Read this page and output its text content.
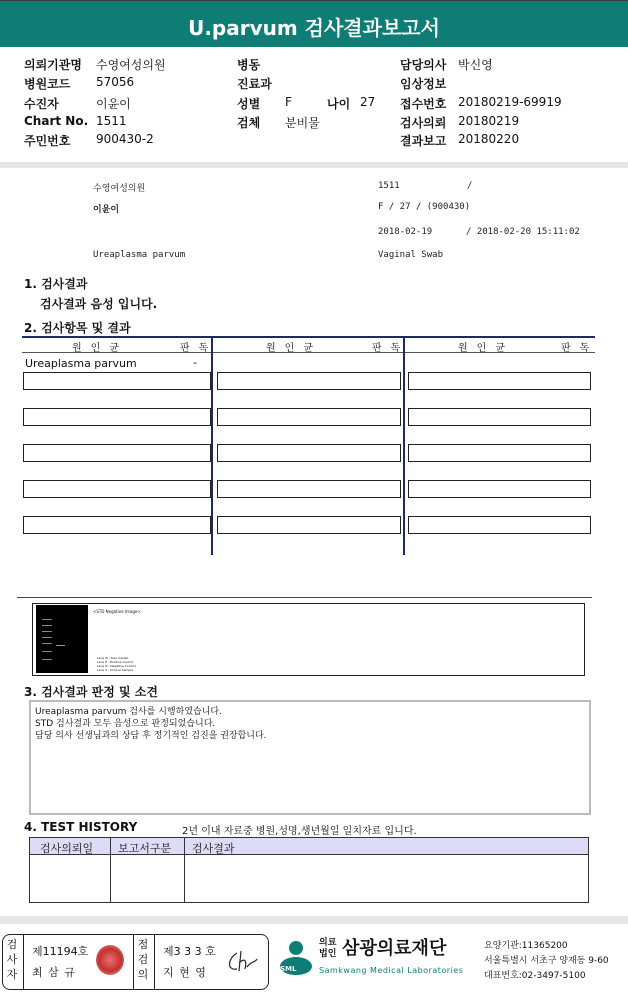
U.parvum 검사결과보고서
의뢰기관명 수영여성의원
병원코드 57056
수진자	이윤이
Chart No. 1511
주민번호 900430-2
병동
진료과
성별 F	나이 27
검체 분비물
담당의사 박신영
임상정보
접수번호 20180219-69919
검사의뢰 20180219
결과보고 20180220
수영여성의원	1511	/
이윤이	F / 27 / (900430)
2018-02-19	/ 2018-02-20 15:11:02
Ureaplasma parvum	Vaginal Swab
1. 검사결과
검사결과 음성 입니다.
2. 검사항목 및 결과
원인균	판독	원인균	판독	원인균	판독
Ureaplasma parvum	-
<STD Negative Image>
Lane M : Size marker
Lane P : Positive Control
Lane N : Negative Control
Lane S : Clinical Sample
3. 검사결과 판정 및 소견
Ureaplasma parvum 검사를 시행하였습니다.
STD 검사결과 모두 음성으로 판정되었습니다.
담당 의사 선생님과의 상담 후 정기적인 검진을 권장합니다.
4. TEST HISTORY	2년 이내 자료중 병원,성명,생년월일 일치자료 입니다.
검사의뢰일 보고서구분 검사결과
검사자
제11194호
최 삼 규
점검의
제3 3 3 호
지 현 영	SML
의료법인 삼광의료재단
Samkwang Medical Laboratories
요양기관:11365200
서울특별시 서초구 양재동 9-60
대표번호:02-3497-5100
